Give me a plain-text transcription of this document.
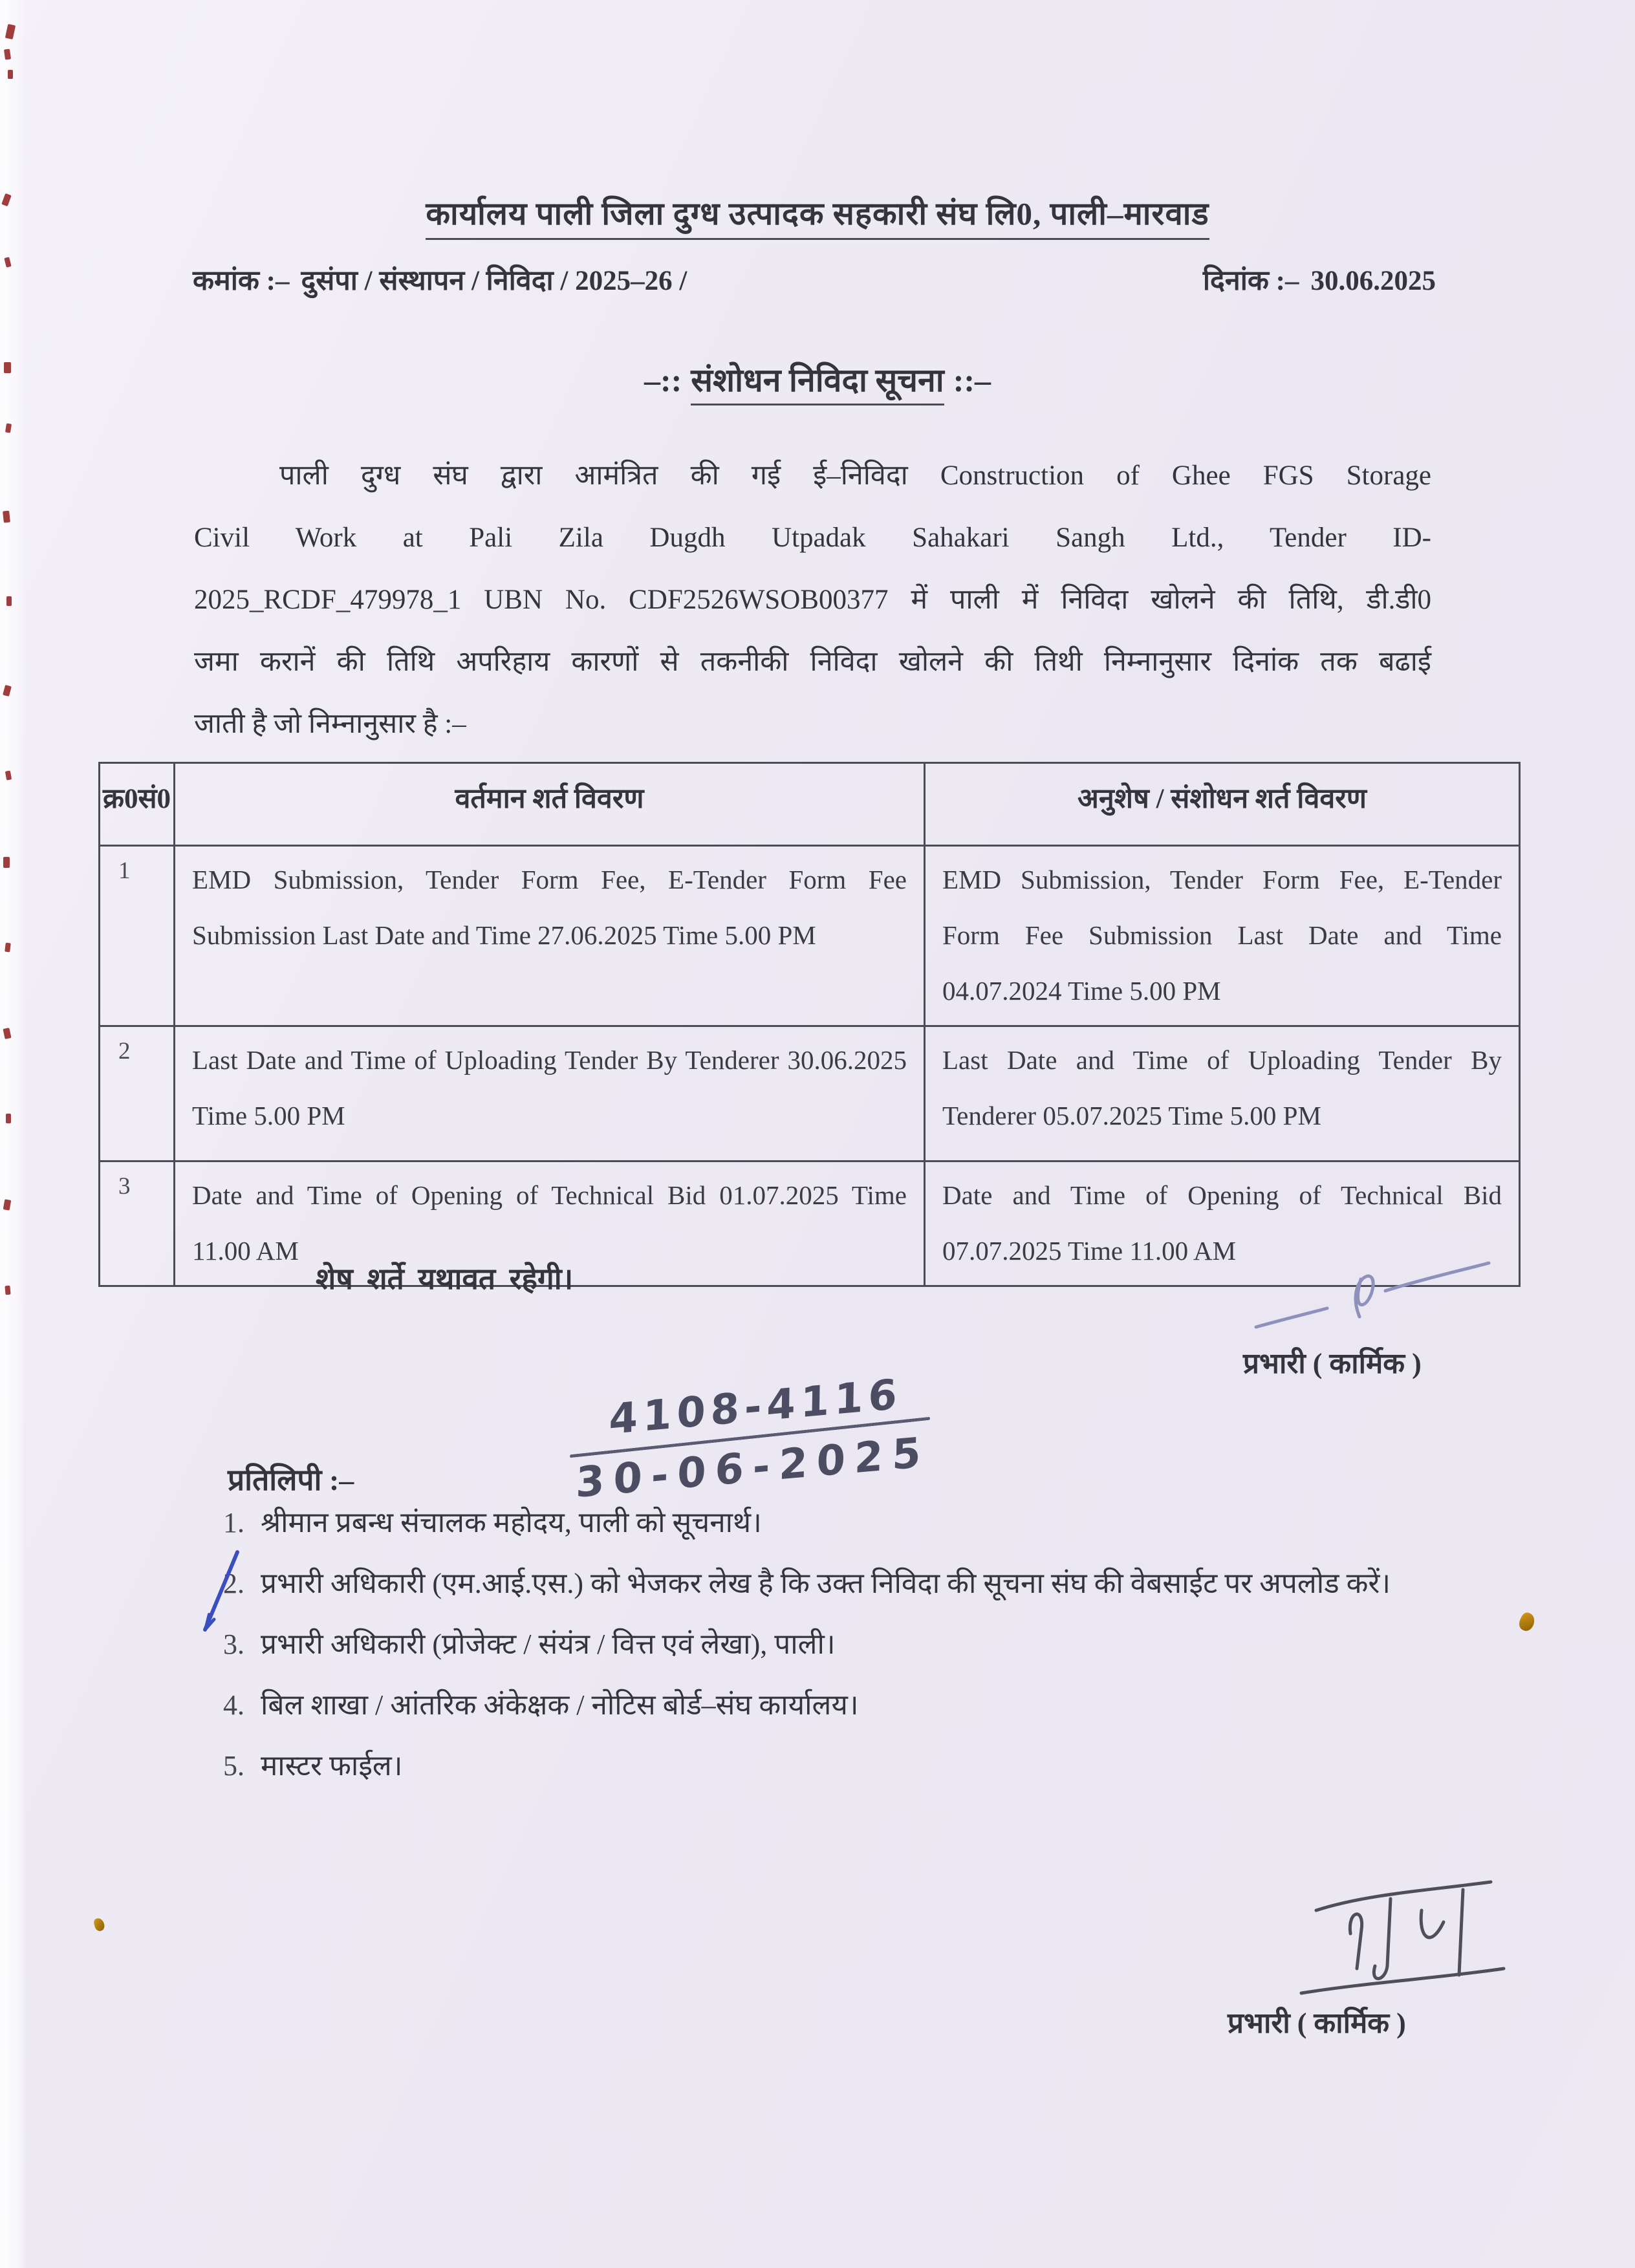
कार्यालय पाली जिला दुग्ध उत्पादक सहकारी संघ लि0, पाली–मारवाड
कमांक :– दुसंपा / संस्थापन / निविदा / 2025–26 /	दिनांक :– 30.06.2025
–:: संशोधन निविदा सूचना ::–
पाली दुग्ध संघ द्वारा आमंत्रित की गई ई–निविदा Construction of Ghee FGS Storage
Civil Work at Pali Zila Dugdh Utpadak Sahakari Sangh Ltd., Tender ID-
2025_RCDF_479978_1 UBN No. CDF2526WSOB00377 में पाली में निविदा खोलने की तिथि, डी.डी0
जमा करानें की तिथि अपरिहाय कारणों से तकनीकी निविदा खोलने की तिथी निम्नानुसार दिनांक तक बढाई
जाती है जो निम्नानुसार है :–
क्र0सं0	वर्तमान शर्त विवरण	अनुशेष / संशोधन शर्त विवरण
1	EMD Submission, Tender Form Fee, E-Tender Form Fee Submission Last Date and Time 27.06.2025 Time 5.00 PM	EMD Submission, Tender Form Fee, E-Tender Form Fee Submission Last Date and Time 04.07.2024 Time 5.00 PM
2	Last Date and Time of Uploading Tender By Tenderer 30.06.2025 Time 5.00 PM	Last Date and Time of Uploading Tender By Tenderer 05.07.2025 Time 5.00 PM
3	Date and Time of Opening of Technical Bid 01.07.2025 Time 11.00 AM	Date and Time of Opening of Technical Bid 07.07.2025 Time 11.00 AM
शेष शर्ते यथावत रहेगी।
प्रभारी ( कार्मिक )
4108-4116
30-06-2025
प्रतिलिपी :–
1. श्रीमान प्रबन्ध संचालक महोदय, पाली को सूचनार्थ।
2. प्रभारी अधिकारी (एम.आई.एस.) को भेजकर लेख है कि उक्त निविदा की सूचना संघ की वेबसाईट पर अपलोड करें।
3. प्रभारी अधिकारी (प्रोजेक्ट / संयंत्र / वित्त एवं लेखा), पाली।
4. बिल शाखा / आंतरिक अंकेक्षक / नोटिस बोर्ड–संघ कार्यालय।
5. मास्टर फाईल।
प्रभारी ( कार्मिक )
